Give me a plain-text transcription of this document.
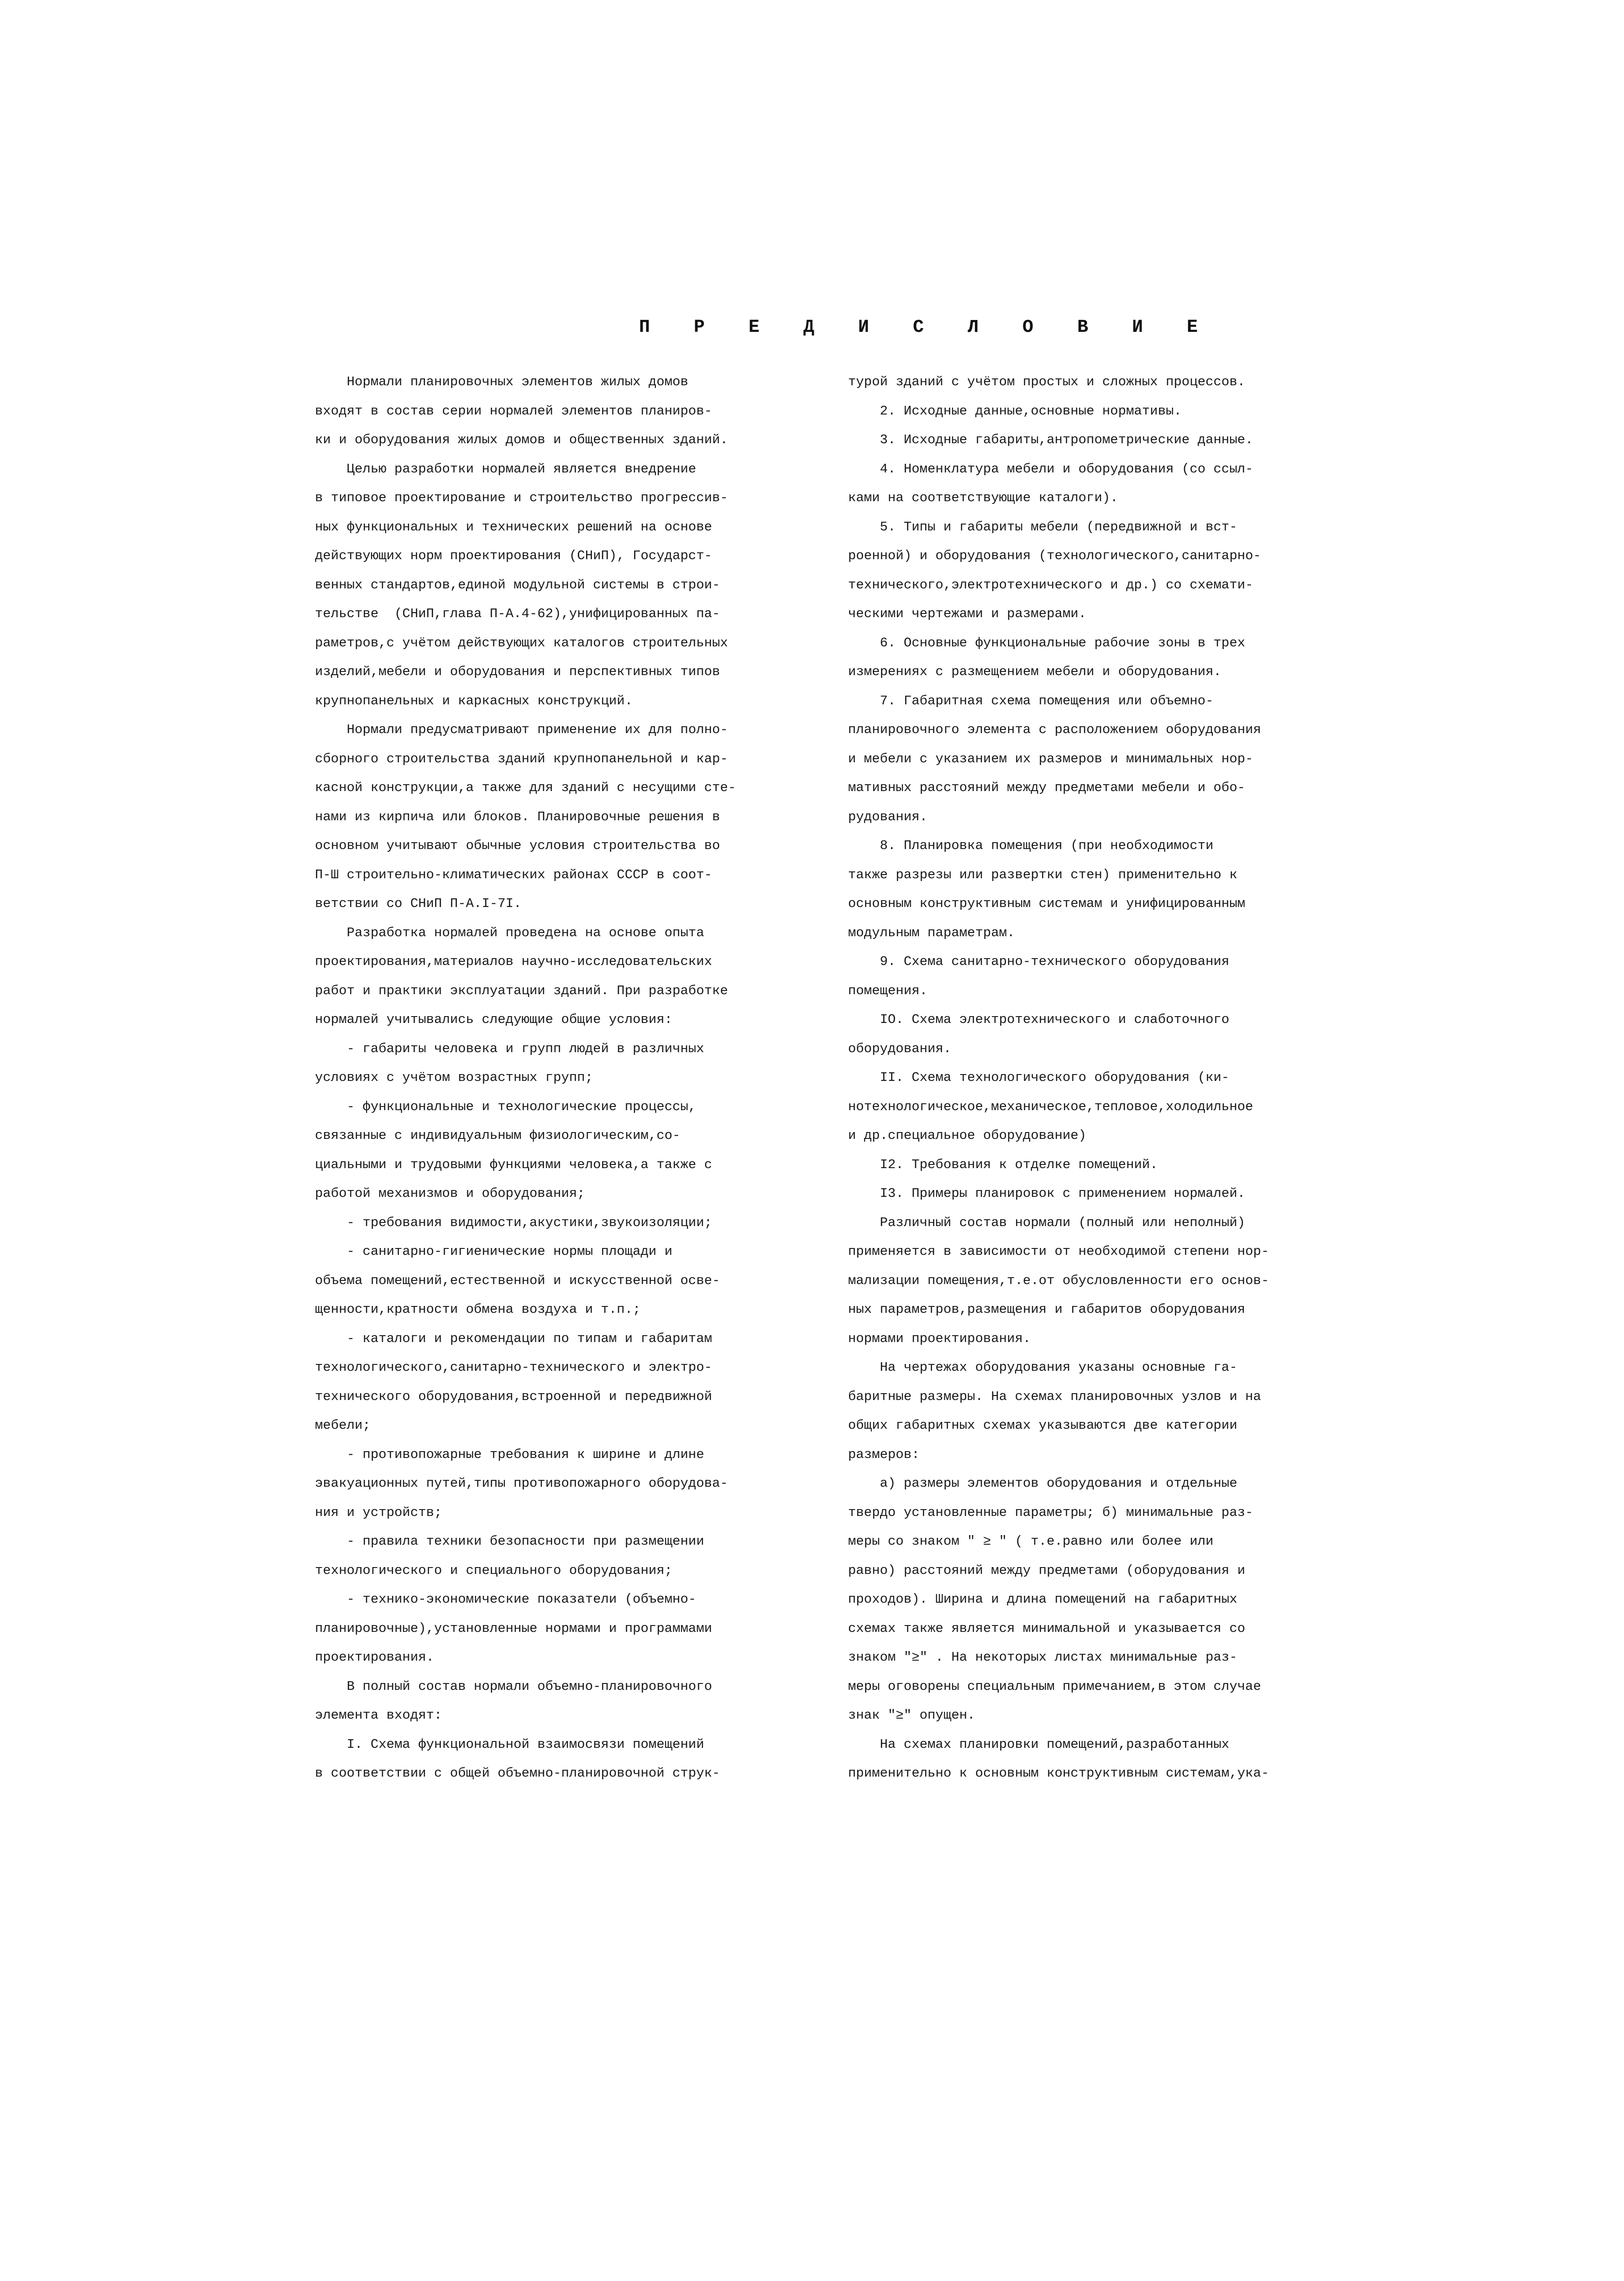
П Р Е Д И С Л О В И Е
Нормали планировочных элементов жилых домов
входят в состав серии нормалей элементов планиров-
ки и оборудования жилых домов и общественных зданий.
Целью разработки нормалей является внедрение
в типовое проектирование и строительство прогрессив-
ных функциональных и технических решений на основе
действующих норм проектирования (СНиП), Государст-
венных стандартов,единой модульной системы в строи-
тельстве  (СНиП,глава П-А.4-62),унифицированных па-
раметров,с учётом действующих каталогов строительных
изделий,мебели и оборудования и перспективных типов
крупнопанельных и каркасных конструкций.
Нормали предусматривают применение их для полно-
сборного строительства зданий крупнопанельной и кар-
касной конструкции,а также для зданий с несущими сте-
нами из кирпича или блоков. Планировочные решения в
основном учитывают обычные условия строительства во
П-Ш строительно-климатических районах СССР в соот-
ветствии со СНиП П-А.I-7I.
Разработка нормалей проведена на основе опыта
проектирования,материалов научно-исследовательских
работ и практики эксплуатации зданий. При разработке
нормалей учитывались следующие общие условия:
- габариты человека и групп людей в различных
условиях с учётом возрастных групп;
- функциональные и технологические процессы,
связанные с индивидуальным физиологическим,со-
циальными и трудовыми функциями человека,а также с
работой механизмов и оборудования;
- требования видимости,акустики,звукоизоляции;
- санитарно-гигиенические нормы площади и
объема помещений,естественной и искусственной осве-
щенности,кратности обмена воздуха и т.п.;
- каталоги и рекомендации по типам и габаритам
технологического,санитарно-технического и электро-
технического оборудования,встроенной и передвижной
мебели;
- противопожарные требования к ширине и длине
эвакуационных путей,типы противопожарного оборудова-
ния и устройств;
- правила техники безопасности при размещении
технологического и специального оборудования;
- технико-экономические показатели (объемно-
планировочные),установленные нормами и программами
проектирования.
В полный состав нормали объемно-планировочного
элемента входят:
I. Схема функциональной взаимосвязи помещений
в соответствии с общей объемно-планировочной струк-
турой зданий с учётом простых и сложных процессов.
2. Исходные данные,основные нормативы.
3. Исходные габариты,антропометрические данные.
4. Номенклатура мебели и оборудования (со ссыл-
ками на соответствующие каталоги).
5. Типы и габариты мебели (передвижной и вст-
роенной) и оборудования (технологического,санитарно-
технического,электротехнического и др.) со схемати-
ческими чертежами и размерами.
6. Основные функциональные рабочие зоны в трех
измерениях с размещением мебели и оборудования.
7. Габаритная схема помещения или объемно-
планировочного элемента с расположением оборудования
и мебели с указанием их размеров и минимальных нор-
мативных расстояний между предметами мебели и обо-
рудования.
8. Планировка помещения (при необходимости
также разрезы или развертки стен) применительно к
основным конструктивным системам и унифицированным
модульным параметрам.
9. Схема санитарно-технического оборудования
помещения.
IO. Схема электротехнического и слаботочного
оборудования.
II. Схема технологического оборудования (ки-
нотехнологическое,механическое,тепловое,холодильное
и др.специальное оборудование)
I2. Требования к отделке помещений.
I3. Примеры планировок с применением нормалей.
Различный состав нормали (полный или неполный)
применяется в зависимости от необходимой степени нор-
мализации помещения,т.е.от обусловленности его основ-
ных параметров,размещения и габаритов оборудования
нормами проектирования.
На чертежах оборудования указаны основные га-
баритные размеры. На схемах планировочных узлов и на
общих габаритных схемах указываются две категории
размеров:
а) размеры элементов оборудования и отдельные
твердо установленные параметры; б) минимальные раз-
меры со знаком " ≥ " ( т.е.равно или более или
равно) расстояний между предметами (оборудования и
проходов). Ширина и длина помещений на габаритных
схемах также является минимальной и указывается со
знаком "≥" . На некоторых листах минимальные раз-
меры оговорены специальным примечанием,в этом случае
знак "≥" опущен.
На схемах планировки помещений,разработанных
применительно к основным конструктивным системам,ука-
